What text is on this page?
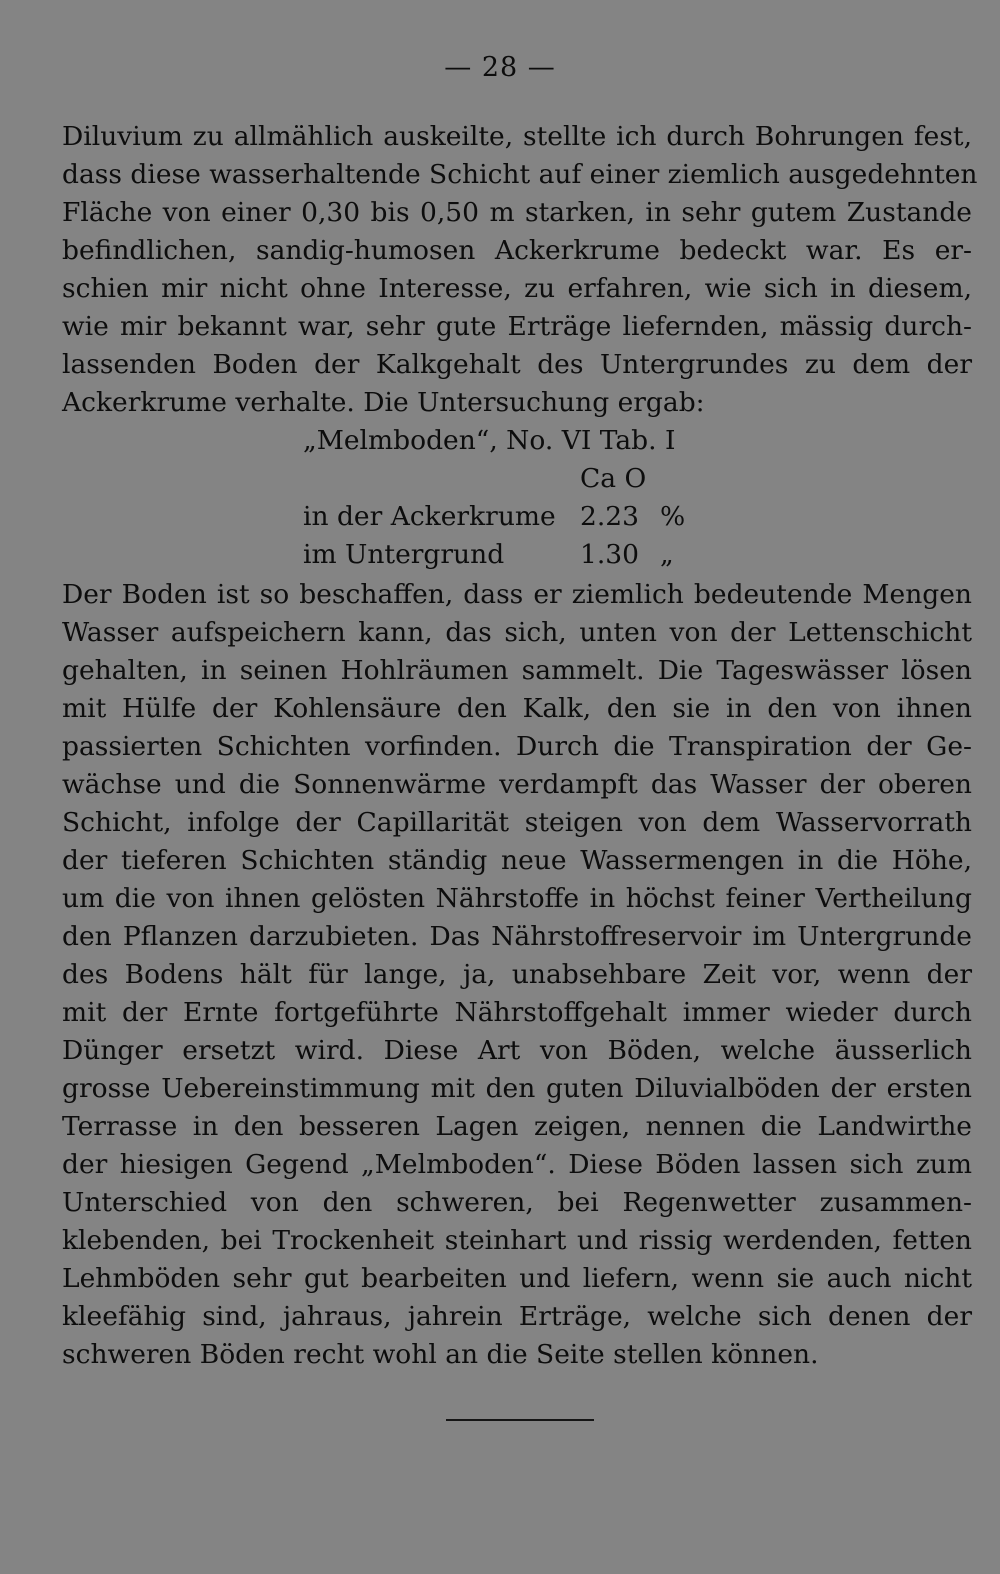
— 28 —
Diluvium zu allmählich auskeilte, stellte ich durch Bohrungen fest,
dass diese wasserhaltende Schicht auf einer ziemlich ausgedehnten
Fläche von einer 0,30 bis 0,50 m starken, in sehr gutem Zustande
befindlichen, sandig-humosen Ackerkrume bedeckt war. Es er-
schien mir nicht ohne Interesse, zu erfahren, wie sich in diesem,
wie mir bekannt war, sehr gute Erträge liefernden, mässig durch-
lassenden Boden der Kalkgehalt des Untergrundes zu dem der
Ackerkrume verhalte. Die Untersuchung ergab:
„Melmboden“, No. VI Tab. I
Ca O
in der Ackerkrume 2.23 %
im Untergrund	1.30 „
Der Boden ist so beschaffen, dass er ziemlich bedeutende Mengen
Wasser aufspeichern kann, das sich, unten von der Lettenschicht
gehalten, in seinen Hohlräumen sammelt. Die Tageswässer lösen
mit Hülfe der Kohlensäure den Kalk, den sie in den von ihnen
passierten Schichten vorfinden. Durch die Transpiration der Ge-
wächse und die Sonnenwärme verdampft das Wasser der oberen
Schicht, infolge der Capillarität steigen von dem Wasservorrath
der tieferen Schichten ständig neue Wassermengen in die Höhe,
um die von ihnen gelösten Nährstoffe in höchst feiner Vertheilung
den Pflanzen darzubieten. Das Nährstoffreservoir im Untergrunde
des Bodens hält für lange, ja, unabsehbare Zeit vor, wenn der
mit der Ernte fortgeführte Nährstoffgehalt immer wieder durch
Dünger ersetzt wird. Diese Art von Böden, welche äusserlich
grosse Uebereinstimmung mit den guten Diluvialböden der ersten
Terrasse in den besseren Lagen zeigen, nennen die Landwirthe
der hiesigen Gegend „Melmboden“. Diese Böden lassen sich zum
Unterschied von den schweren, bei Regenwetter zusammen-
klebenden, bei Trockenheit steinhart und rissig werdenden, fetten
Lehmböden sehr gut bearbeiten und liefern, wenn sie auch nicht
kleefähig sind, jahraus, jahrein Erträge, welche sich denen der
schweren Böden recht wohl an die Seite stellen können.
